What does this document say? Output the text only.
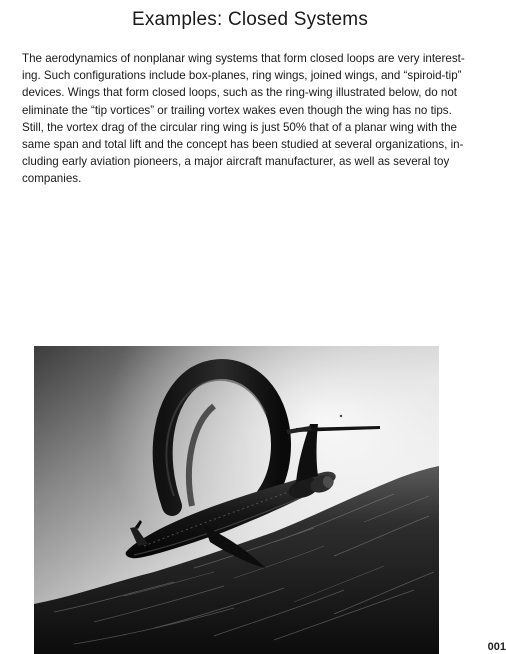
Examples: Closed Systems
The aerodynamics of nonplanar wing systems that form closed loops are very interest-
ing. Such configurations include box-planes, ring wings, joined wings, and “spiroid-tip”
devices. Wings that form closed loops, such as the ring-wing illustrated below, do not
eliminate the “tip vortices” or trailing vortex wakes even though the wing has no tips.
Still, the vortex drag of the circular ring wing is just 50% that of a planar wing with the
same span and total lift and the concept has been studied at several organizations, in-
cluding early aviation pioneers, a major aircraft manufacturer, as well as several toy
companies.
001
